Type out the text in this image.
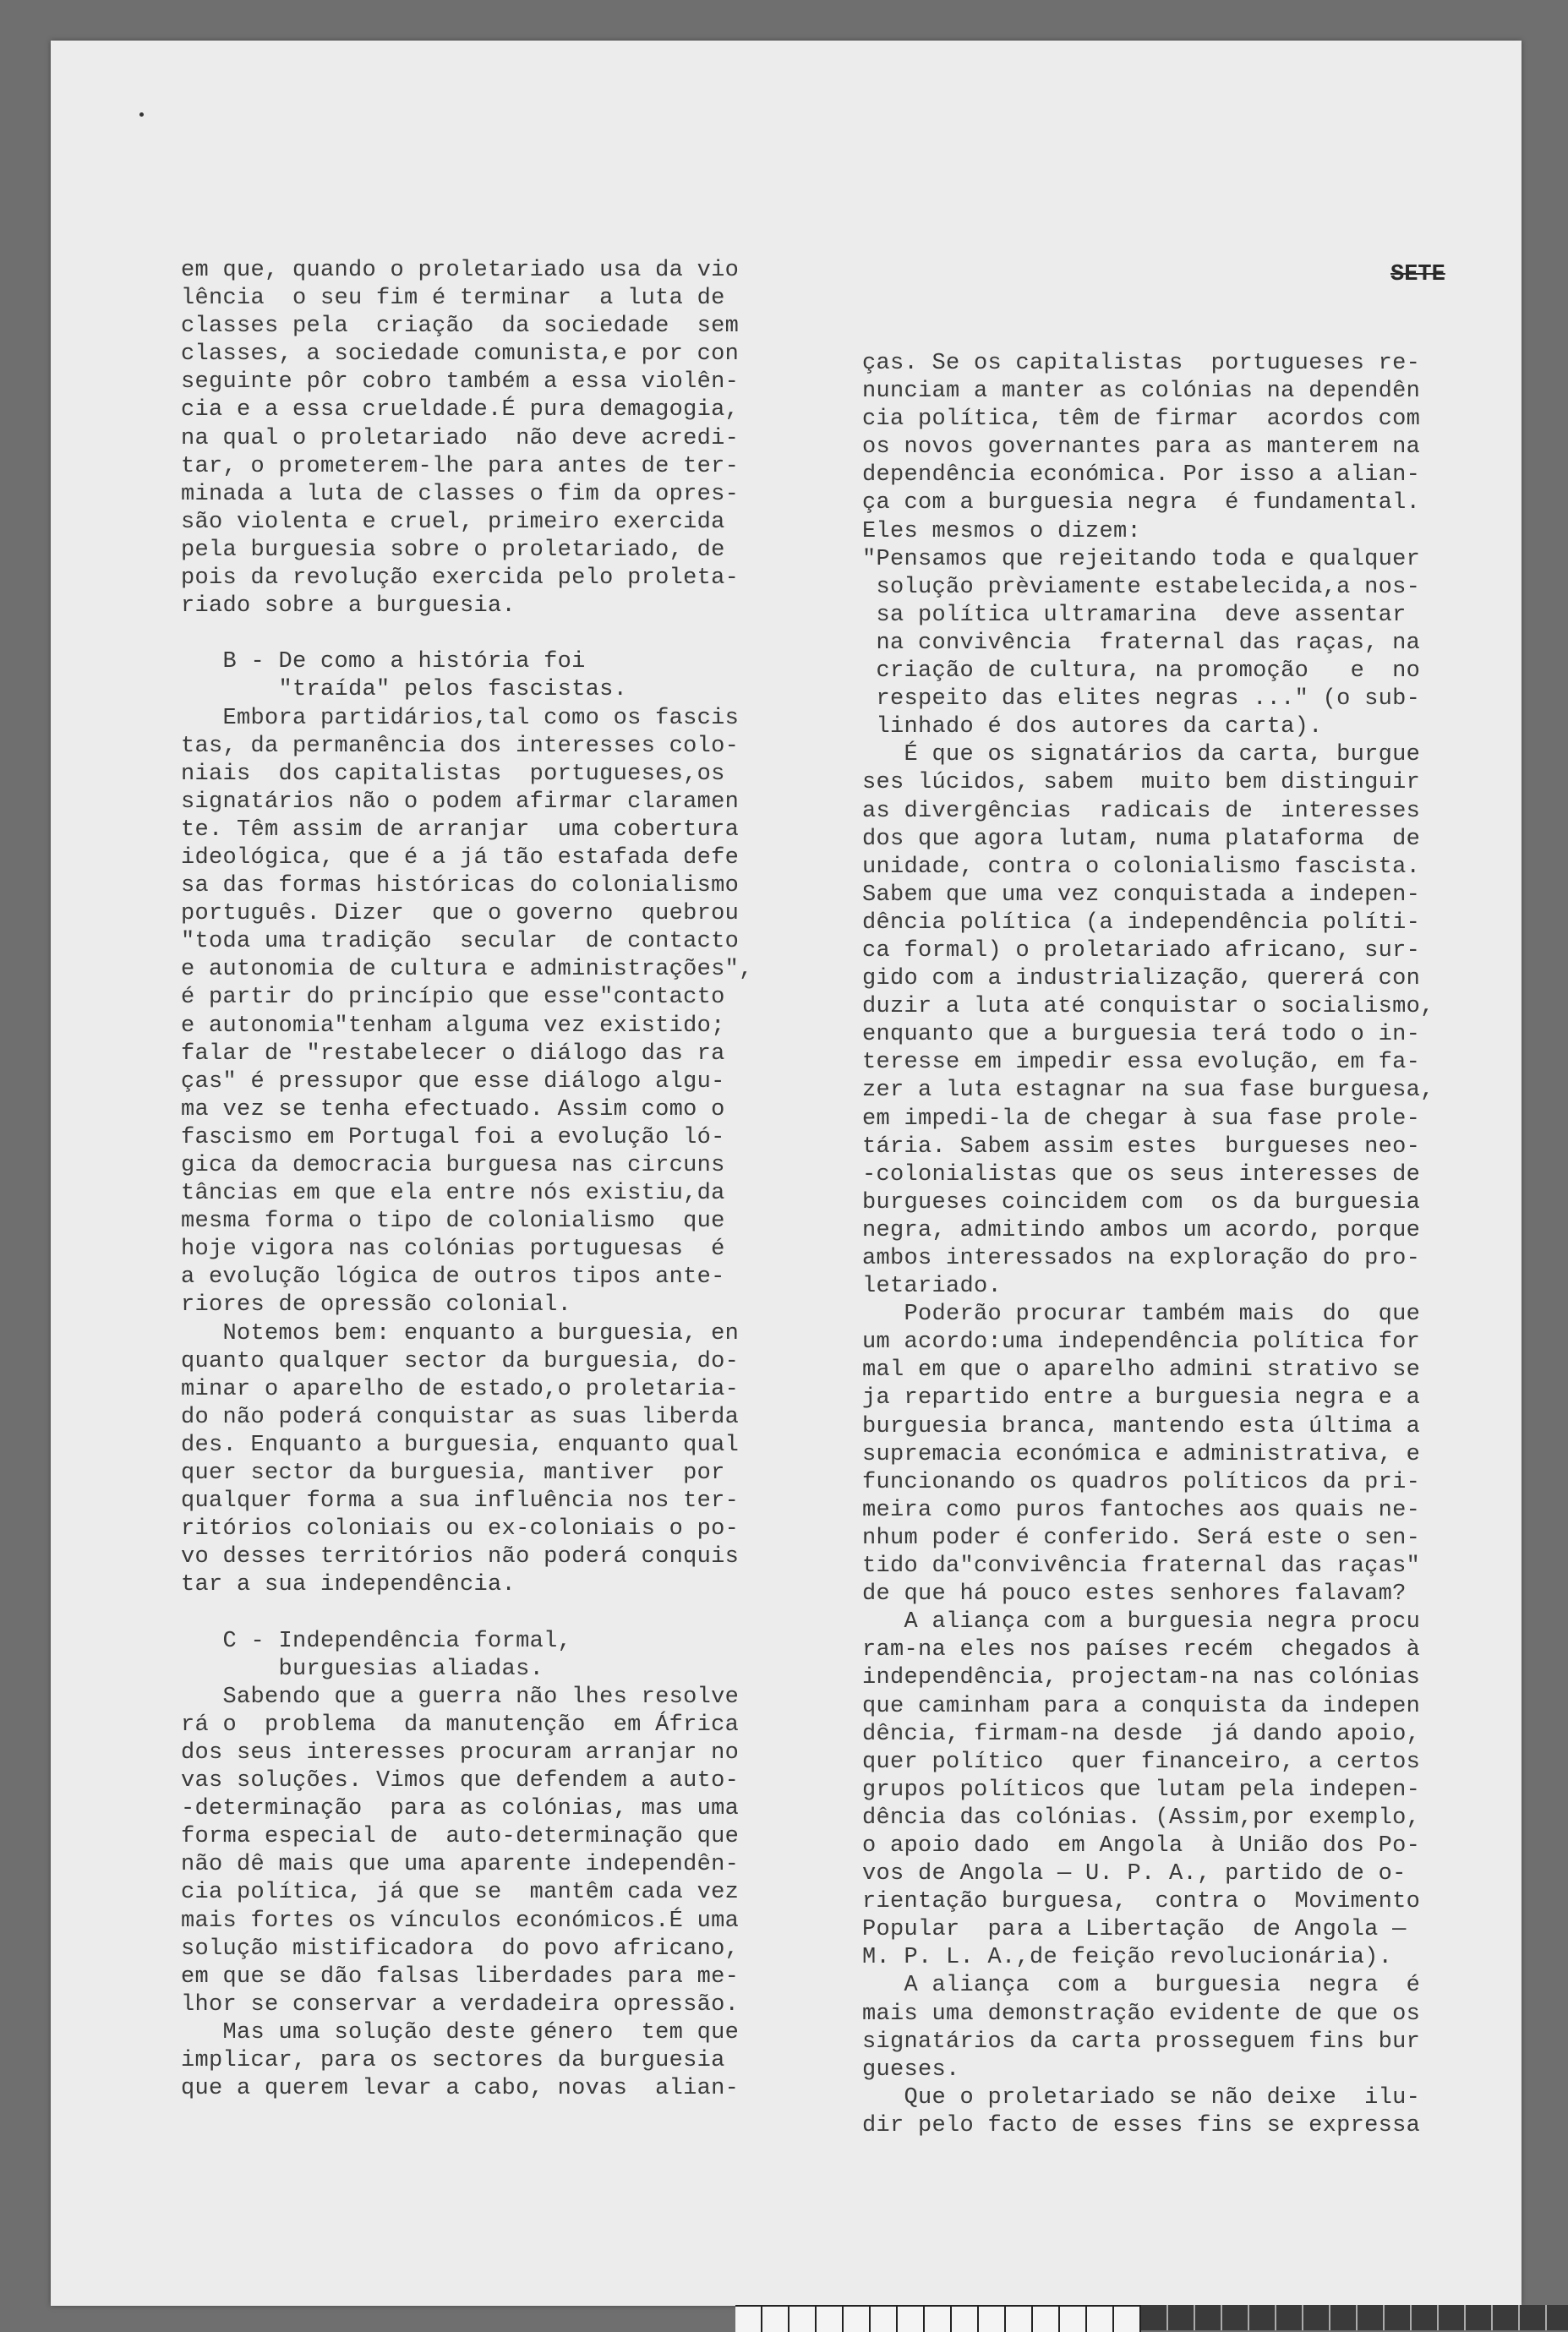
SETE
em que, quando o proletariado usa da vio
lência  o seu fim é terminar  a luta de
classes pela  criação  da sociedade  sem
classes, a sociedade comunista,e por con
seguinte pôr cobro também a essa violên-
cia e a essa crueldade.É pura demagogia,
na qual o proletariado  não deve acredi-
tar, o prometerem-lhe para antes de ter-
minada a luta de classes o fim da opres-
são violenta e cruel, primeiro exercida
pela burguesia sobre o proletariado, de
pois da revolução exercida pelo proleta-
riado sobre a burguesia.
B - De como a história foi
"traída" pelos fascistas.
Embora partidários,tal como os fascis
tas, da permanência dos interesses colo-
niais  dos capitalistas  portugueses,os
signatários não o podem afirmar claramen
te. Têm assim de arranjar  uma cobertura
ideológica, que é a já tão estafada defe
sa das formas históricas do colonialismo
português. Dizer  que o governo  quebrou
"toda uma tradição  secular  de contacto
e autonomia de cultura e administrações",
é partir do princípio que esse"contacto
e autonomia"tenham alguma vez existido;
falar de "restabelecer o diálogo das ra
ças" é pressupor que esse diálogo algu-
ma vez se tenha efectuado. Assim como o
fascismo em Portugal foi a evolução ló-
gica da democracia burguesa nas circuns
tâncias em que ela entre nós existiu,da
mesma forma o tipo de colonialismo  que
hoje vigora nas colónias portuguesas  é
a evolução lógica de outros tipos ante-
riores de opressão colonial.
Notemos bem: enquanto a burguesia, en
quanto qualquer sector da burguesia, do-
minar o aparelho de estado,o proletaria-
do não poderá conquistar as suas liberda
des. Enquanto a burguesia, enquanto qual
quer sector da burguesia, mantiver  por
qualquer forma a sua influência nos ter-
ritórios coloniais ou ex-coloniais o po-
vo desses territórios não poderá conquis
tar a sua independência.
C - Independência formal,
burguesias aliadas.
Sabendo que a guerra não lhes resolve
rá o  problema  da manutenção  em África
dos seus interesses procuram arranjar no
vas soluções. Vimos que defendem a auto-
-determinação  para as colónias, mas uma
forma especial de  auto-determinação que
não dê mais que uma aparente independên-
cia política, já que se  mantêm cada vez
mais fortes os vínculos económicos.É uma
solução mistificadora  do povo africano,
em que se dão falsas liberdades para me-
lhor se conservar a verdadeira opressão.
Mas uma solução deste género  tem que
implicar, para os sectores da burguesia
que a querem levar a cabo, novas  alian-
ças. Se os capitalistas  portugueses re-
nunciam a manter as colónias na dependên
cia política, têm de firmar  acordos com
os novos governantes para as manterem na
dependência económica. Por isso a alian-
ça com a burguesia negra  é fundamental.
Eles mesmos o dizem:
"Pensamos que rejeitando toda e qualquer
solução prèviamente estabelecida,a nos-
sa política ultramarina  deve assentar
na convivência  fraternal das raças, na
criação de cultura, na promoção   e  no
respeito das elites negras ..." (o sub-
linhado é dos autores da carta).
É que os signatários da carta, burgue
ses lúcidos, sabem  muito bem distinguir
as divergências  radicais de  interesses
dos que agora lutam, numa plataforma  de
unidade, contra o colonialismo fascista.
Sabem que uma vez conquistada a indepen-
dência política (a independência políti-
ca formal) o proletariado africano, sur-
gido com a industrialização, quererá con
duzir a luta até conquistar o socialismo,
enquanto que a burguesia terá todo o in-
teresse em impedir essa evolução, em fa-
zer a luta estagnar na sua fase burguesa,
em impedi-la de chegar à sua fase prole-
tária. Sabem assim estes  burgueses neo-
-colonialistas que os seus interesses de
burgueses coincidem com  os da burguesia
negra, admitindo ambos um acordo, porque
ambos interessados na exploração do pro-
letariado.
Poderão procurar também mais  do  que
um acordo:uma independência política for
mal em que o aparelho admini strativo se
ja repartido entre a burguesia negra e a
burguesia branca, mantendo esta última a
supremacia económica e administrativa, e
funcionando os quadros políticos da pri-
meira como puros fantoches aos quais ne-
nhum poder é conferido. Será este o sen-
tido da"convivência fraternal das raças"
de que há pouco estes senhores falavam?
A aliança com a burguesia negra procu
ram-na eles nos países recém  chegados à
independência, projectam-na nas colónias
que caminham para a conquista da indepen
dência, firmam-na desde  já dando apoio,
quer político  quer financeiro, a certos
grupos políticos que lutam pela indepen-
dência das colónias. (Assim,por exemplo,
o apoio dado  em Angola  à União dos Po-
vos de Angola — U. P. A., partido de o-
rientação burguesa,  contra o  Movimento
Popular  para a Libertação  de Angola —
M. P. L. A.,de feição revolucionária).
A aliança  com a  burguesia  negra  é
mais uma demonstração evidente de que os
signatários da carta prosseguem fins bur
gueses.
Que o proletariado se não deixe  ilu-
dir pelo facto de esses fins se expressa
